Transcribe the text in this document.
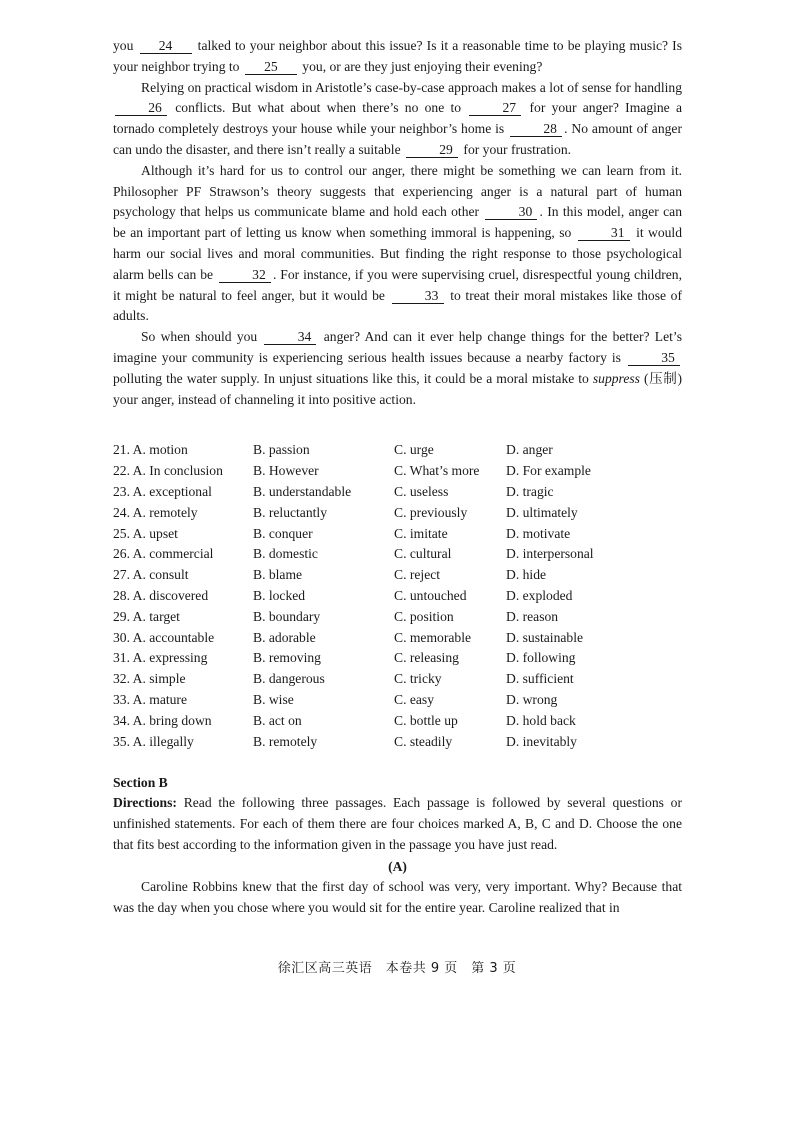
you 24 talked to your neighbor about this issue? Is it a reasonable time to be playing music? Is your neighbor trying to 25 you, or are they just enjoying their evening?

Relying on practical wisdom in Aristotle’s case-by-case approach makes a lot of sense for handling 26 conflicts. But what about when there’s no one to	27 for your anger? Imagine a tornado completely destroys your house while your neighbor’s home is	28 . No amount of anger can undo the disaster, and there isn’t really a suitable	29 for your frustration.

Although it’s hard for us to control our anger, there might be something we can learn from it. Philosopher PF Strawson’s theory suggests that experiencing anger is a natural part of human psychology that helps us communicate blame and hold each other	30 . In this model, anger can be an important part of letting us know when something immoral is happening, so	31 it would harm our social lives and moral communities. But finding the right response to those psychological alarm bells can be	32 . For instance, if you were supervising cruel, disrespectful young children, it might be natural to feel anger, but it would be	33 to treat their moral mistakes like those of adults.

So when should you	34 anger? And can it ever help change things for the better? Let’s imagine your community is experiencing serious health issues because a nearby factory is	35 polluting the water supply. In unjust situations like this, it could be a moral mistake to suppress (压制) your anger, instead of channeling it into positive action.

21. A. motion	B. passion	C. urge	D. anger
22. A. In conclusion	B. However	C. What’s more	D. For example
23. A. exceptional	B. understandable	C. useless	D. tragic
24. A. remotely	B. reluctantly	C. previously	D. ultimately
25. A. upset	B. conquer	C. imitate	D. motivate
26. A. commercial	B. domestic	C. cultural	D. interpersonal
27. A. consult	B. blame	C. reject	D. hide
28. A. discovered	B. locked	C. untouched	D. exploded
29. A. target	B. boundary	C. position	D. reason
30. A. accountable	B. adorable	C. memorable	D. sustainable
31. A. expressing	B. removing	C. releasing	D. following
32. A. simple	B. dangerous	C. tricky	D. sufficient
33. A. mature	B. wise	C. easy	D. wrong
34. A. bring down	B. act on	C. bottle up	D. hold back
35. A. illegally	B. remotely	C. steadily	D. inevitably
Section B

Directions: Read the following three passages. Each passage is followed by several questions or unfinished statements. For each of them there are four choices marked A, B, C and D. Choose the one that fits best according to the information given in the passage you have just read.

(A)

Caroline Robbins knew that the first day of school was very, very important. Why? Because that was the day when you chose where you would sit for the entire year. Caroline realized that in

徐汇区高三英语　本卷共 9 页　第 3 页
